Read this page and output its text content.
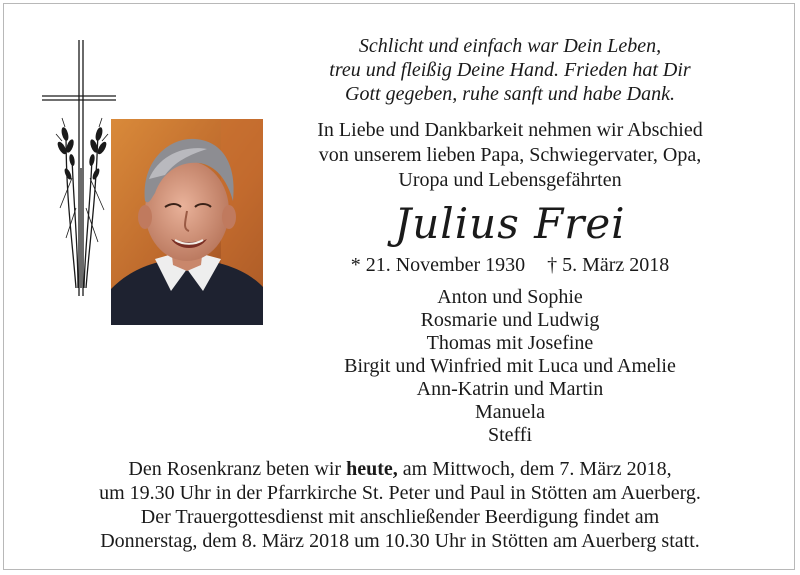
Schlicht und einfach war Dein Leben,
treu und fleißig Deine Hand. Frieden hat Dir
Gott gegeben, ruhe sanft und habe Dank.
In Liebe und Dankbarkeit nehmen wir Abschied
von unserem lieben Papa, Schwiegervater, Opa,
Uropa und Lebensgefährten
Julius Frei
* 21. November 1930 † 5. März 2018
Anton und Sophie
Rosmarie und Ludwig
Thomas mit Josefine
Birgit und Winfried mit Luca und Amelie
Ann-Katrin und Martin
Manuela
Steffi
Den Rosenkranz beten wir heute, am Mittwoch, dem 7. März 2018,
um 19.30 Uhr in der Pfarrkirche St. Peter und Paul in Stötten am Auerberg.
Der Trauergottesdienst mit anschließender Beerdigung findet am
Donnerstag, dem 8. März 2018 um 10.30 Uhr in Stötten am Auerberg statt.
